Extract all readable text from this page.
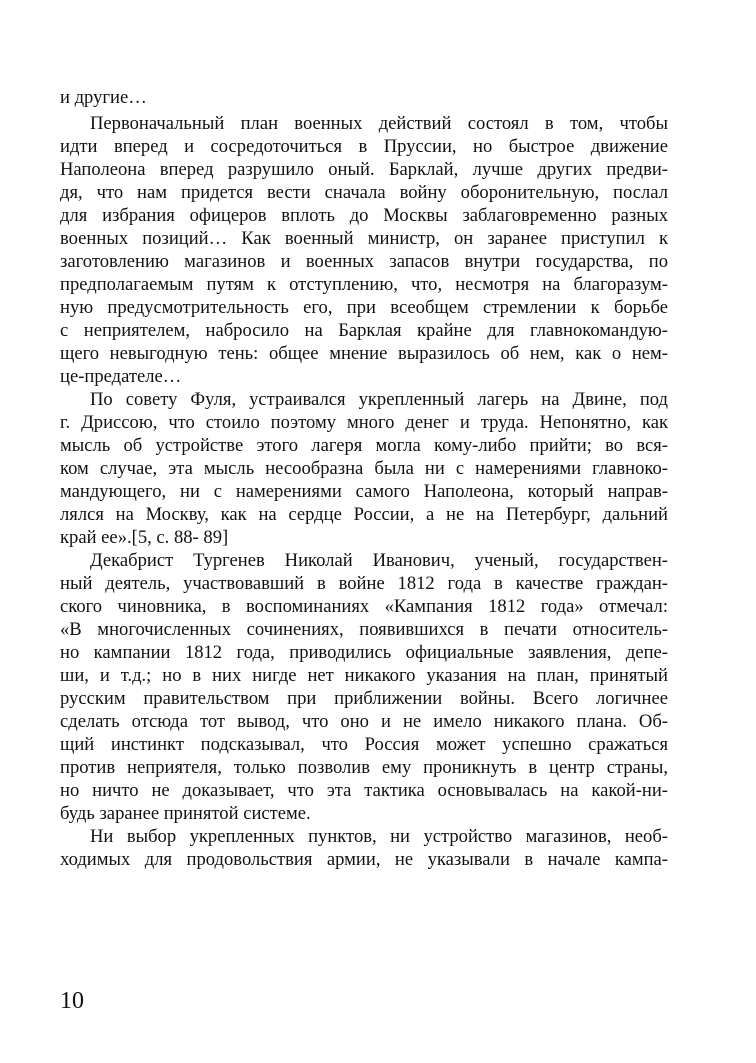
и другие…
Первоначальный план военных действий состоял в том, чтобы
идти вперед и сосредоточиться в Пруссии, но быстрое движение
Наполеона вперед разрушило оный. Барклай, лучше других предви-
дя, что нам придется вести сначала войну оборонительную, послал
для избрания офицеров вплоть до Москвы заблаговременно разных
военных позиций… Как военный министр, он заранее приступил к
заготовлению магазинов и военных запасов внутри государства, по
предполагаемым путям к отступлению, что, несмотря на благоразум-
ную предусмотрительность его, при всеобщем стремлении к борьбе
с неприятелем, набросило на Барклая крайне для главнокомандую-
щего невыгодную тень: общее мнение выразилось об нем, как о нем-
це-предателе…
По совету Фуля, устраивался укрепленный лагерь на Двине, под
г. Дриссою, что стоило поэтому много денег и труда. Непонятно, как
мысль об устройстве этого лагеря могла кому-либо прийти; во вся-
ком случае, эта мысль несообразна была ни с намерениями главноко-
мандующего, ни с намерениями самого Наполеона, который направ-
лялся на Москву, как на сердце России, а не на Петербург, дальний
край ее».[5, с. 88- 89]
Декабрист Тургенев Николай Иванович, ученый, государствен-
ный деятель, участвовавший в войне 1812 года в качестве граждан-
ского чиновника, в воспоминаниях «Кампания 1812 года» отмечал:
«В многочисленных сочинениях, появившихся в печати относитель-
но кампании 1812 года, приводились официальные заявления, депе-
ши, и т.д.; но в них нигде нет никакого указания на план, принятый
русским правительством при приближении войны. Всего логичнее
сделать отсюда тот вывод, что оно и не имело никакого плана. Об-
щий инстинкт подсказывал, что Россия может успешно сражаться
против неприятеля, только позволив ему проникнуть в центр страны,
но ничто не доказывает, что эта тактика основывалась на какой-ни-
будь заранее принятой системе.
Ни выбор укрепленных пунктов, ни устройство магазинов, необ-
ходимых для продовольствия армии, не указывали в начале кампа-
10
